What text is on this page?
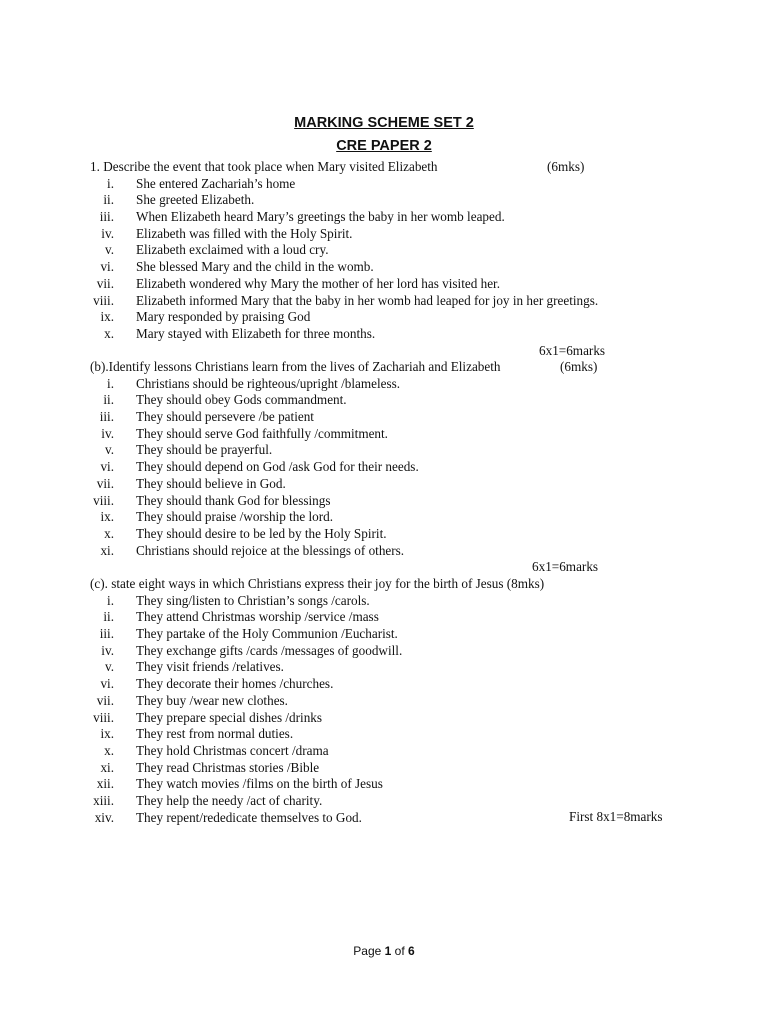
MARKING SCHEME SET 2
CRE PAPER 2
1. Describe the event that took place when Mary visited Elizabeth	(6mks)
i. She entered Zachariah’s home
ii. She greeted Elizabeth.
iii. When Elizabeth heard Mary’s greetings the baby in her womb leaped.
iv. Elizabeth was filled with the Holy Spirit.
v. Elizabeth exclaimed with a loud cry.
vi. She blessed Mary and the child in the womb.
vii. Elizabeth wondered why Mary the mother of her lord has visited her.
viii. Elizabeth informed Mary that the baby in her womb had leaped for joy in her greetings.
ix. Mary responded by praising God
x. Mary stayed with Elizabeth for three months.
6x1=6marks
(b).Identify lessons Christians learn from the lives of Zachariah and Elizabeth	(6mks)
i. Christians should be righteous/upright /blameless.
ii. They should obey Gods commandment.
iii. They should persevere /be patient
iv. They should serve God faithfully /commitment.
v. They should be prayerful.
vi. They should depend on God /ask God for their needs.
vii. They should believe in God.
viii. They should thank God for blessings
ix. They should praise /worship the lord.
x. They should desire to be led by the Holy Spirit.
xi. Christians should rejoice at the blessings of others.
6x1=6marks
(c). state eight ways in which Christians express their joy for the birth of Jesus (8mks)
i. They sing/listen to Christian’s songs /carols.
ii. They attend Christmas worship /service /mass
iii. They partake of the Holy Communion /Eucharist.
iv. They exchange gifts /cards /messages of goodwill.
v. They visit friends /relatives.
vi. They decorate their homes /churches.
vii. They buy /wear new clothes.
viii. They prepare special dishes /drinks
ix. They rest from normal duties.
x. They hold Christmas concert /drama
xi. They read Christmas stories /Bible
xii. They watch movies /films on the birth of Jesus
xiii. They help the needy /act of charity.
xiv. They repent/rededicate themselves to God.	First 8x1=8marks
Page 1 of 6
